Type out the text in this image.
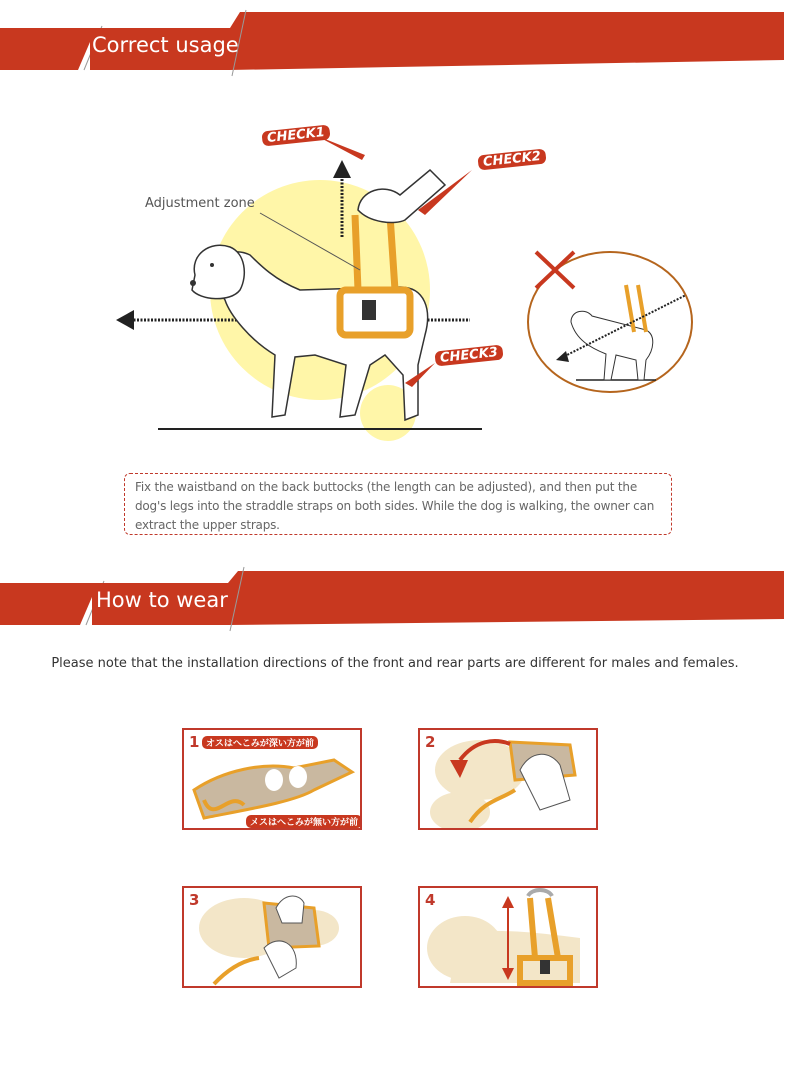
Correct usage
Adjustment zone
CHECK1
CHECK2
CHECK3
Fix the waistband on the back buttocks (the length can be adjusted), and then put the dog's legs into the straddle straps on both sides. While the dog is walking, the owner can extract the upper straps.
How to wear
Please note that the installation directions of the front and rear parts are different for males and females.
1 オスはへこみが深い方が前
メスはへこみが無い方が前
2
3	4
